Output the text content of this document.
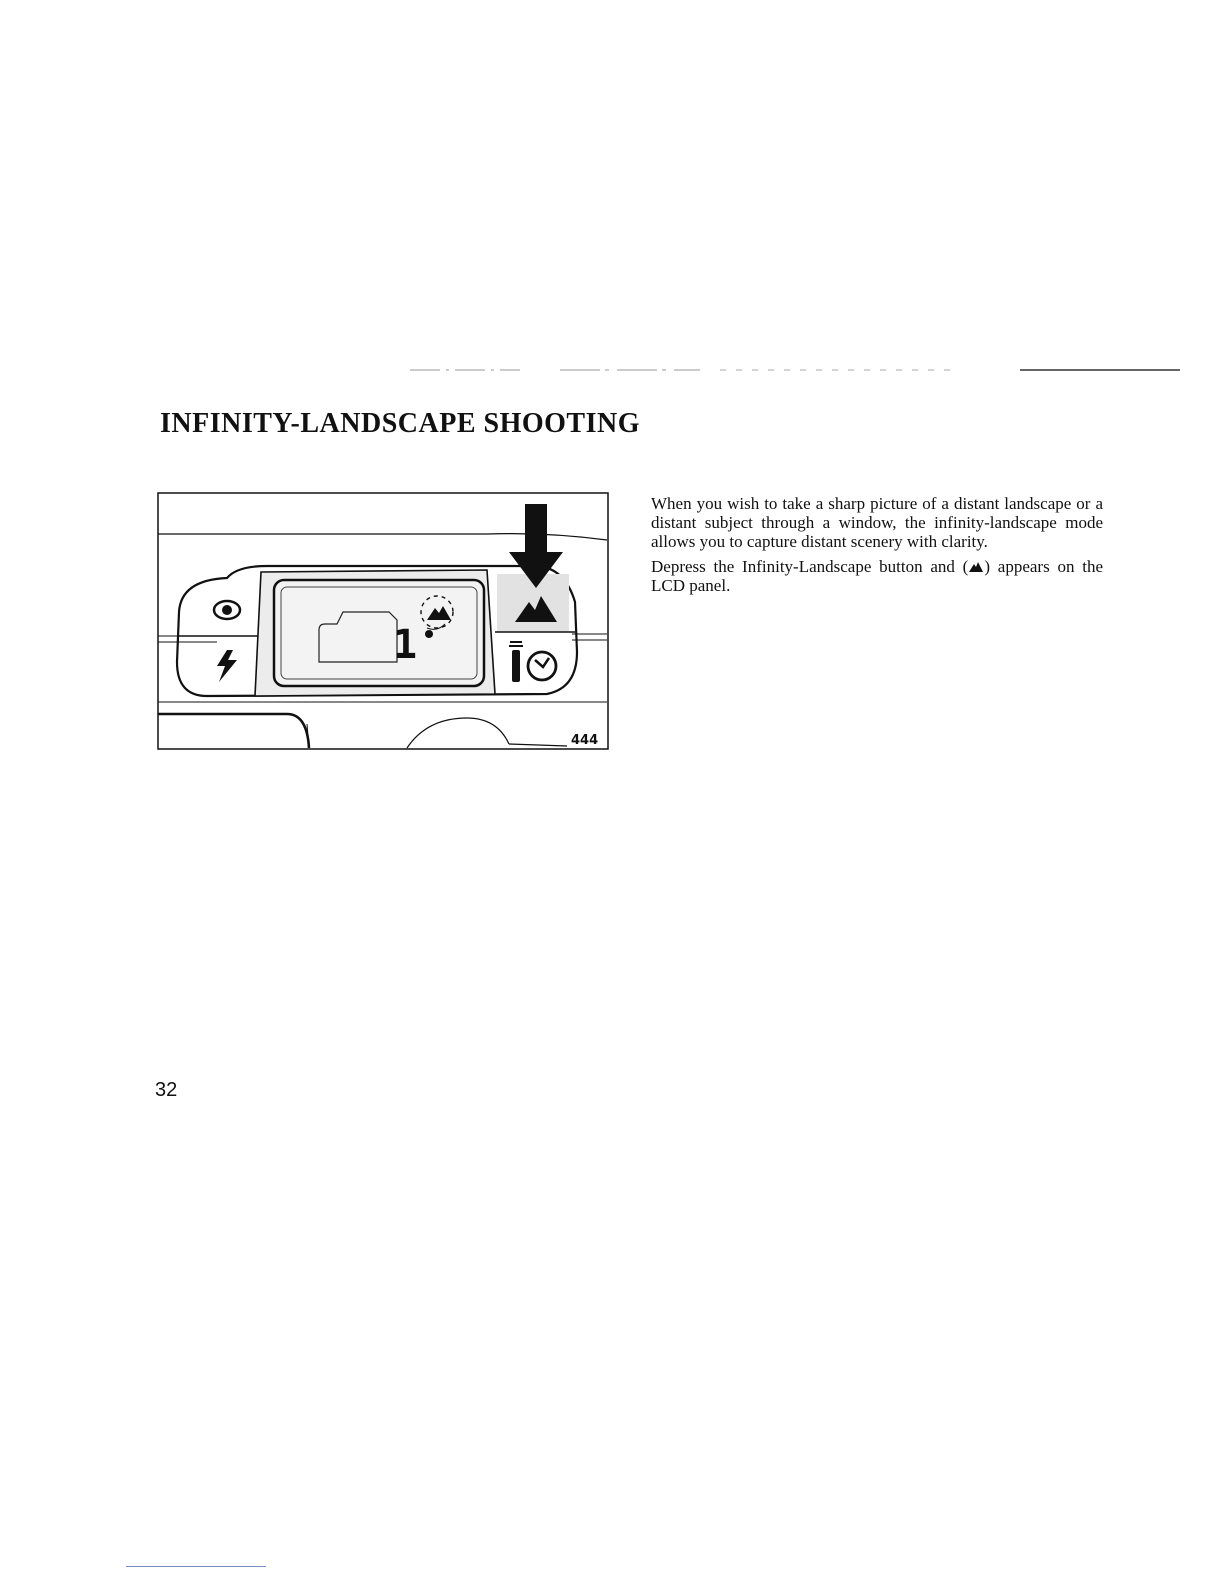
INFINITY-LANDSCAPE SHOOTING
1
444

When you wish to take a sharp picture of a distant landscape or a distant subject through a window, the infinity-landscape mode allows you to capture distant scenery with clarity.

Depress the Infinity-Landscape button and ( ) appears on the LCD panel.

32
